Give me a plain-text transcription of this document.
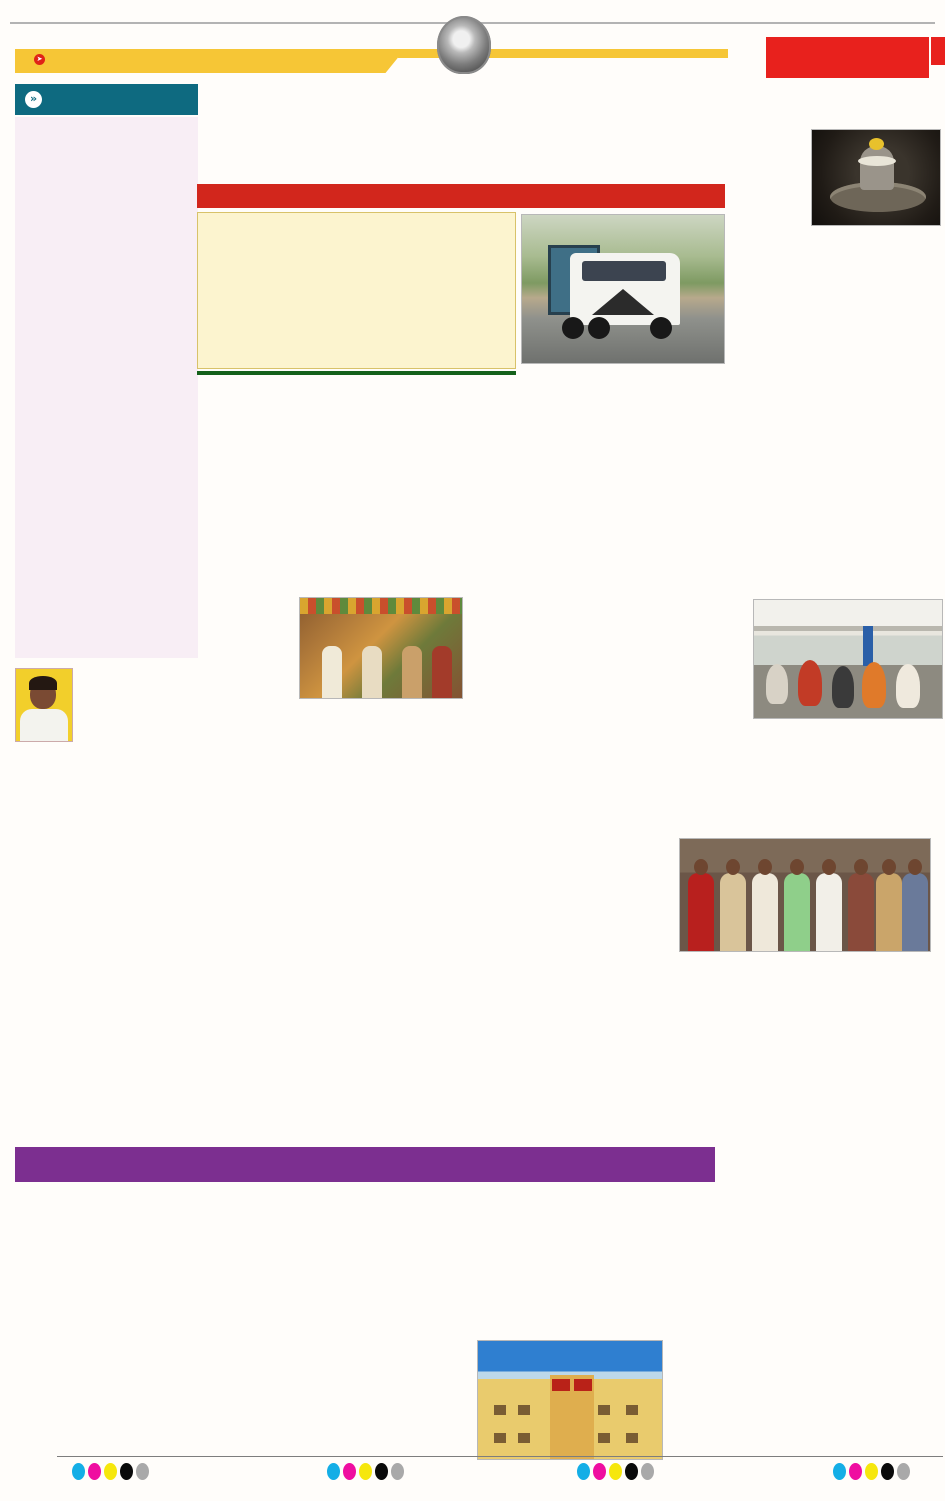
➤
»
